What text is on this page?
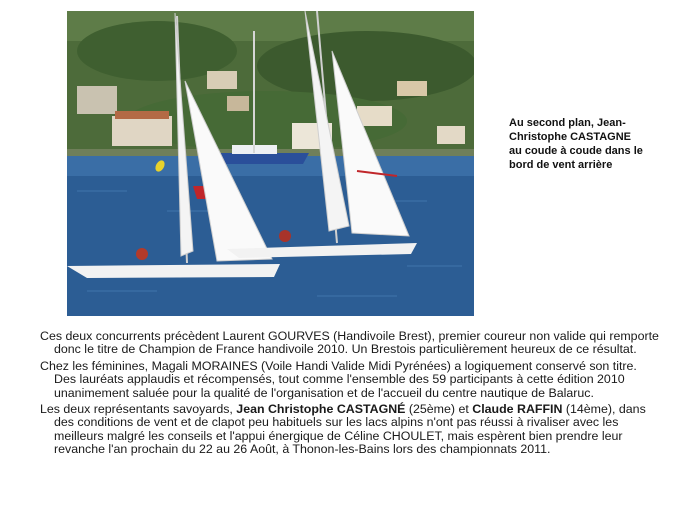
Au second plan, Jean-
Christophe CASTAGNE
au coude à coude dans le
bord de vent arrière

Ces deux concurrents précèdent Laurent GOURVES (Handivoile Brest), premier coureur non valide qui remporte donc le titre de Champion de France handivoile 2010. Un Brestois particulièrement heureux de ce résultat.

Chez les féminines, Magali MORAINES (Voile Handi Valide Midi Pyrénées) a logiquement conservé son titre. Des lauréats applaudis et récompensés, tout comme l'ensemble des 59 participants à cette édition 2010 unanimement saluée pour la qualité de l'organisation et de l'accueil du centre nautique de Balaruc.

Les deux représentants savoyards, Jean Christophe CASTAGNÉ (25ème) et Claude RAFFIN (14ème), dans des conditions de vent et de clapot peu habituels sur les lacs alpins n'ont pas réussi à rivaliser avec les meilleurs malgré les conseils et l'appui énergique de Céline CHOULET, mais espèrent bien prendre leur revanche l'an prochain du 22 au 26 Août, à Thonon-les-Bains lors des championnats 2011.
